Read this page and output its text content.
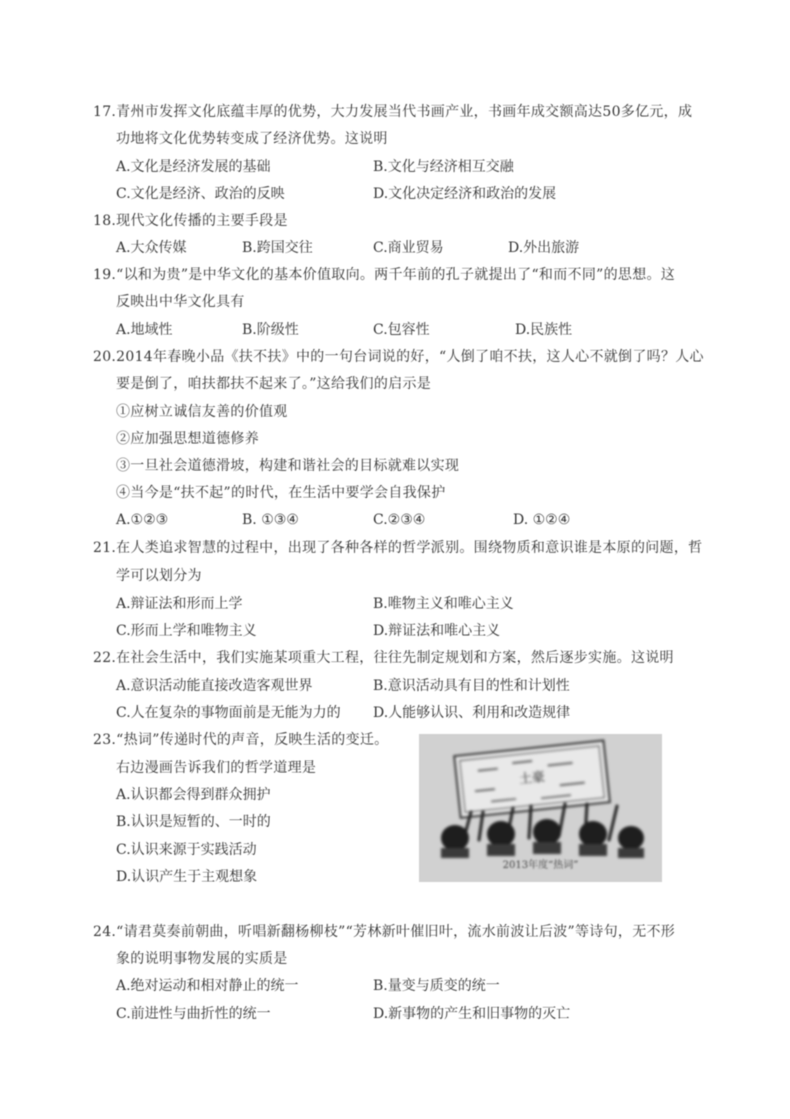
17.青州市发挥文化底蕴丰厚的优势，大力发展当代书画产业，书画年成交额高达50多亿元，成
功地将文化优势转变成了经济优势。这说明
A.文化是经济发展的基础	B.文化与经济相互交融
C.文化是经济、政治的反映	D.文化决定经济和政治的发展
18.现代文化传播的主要手段是
A.大众传媒	B.跨国交往	C.商业贸易	D.外出旅游
19.“以和为贵”是中华文化的基本价值取向。两千年前的孔子就提出了“和而不同”的思想。这
反映出中华文化具有
A.地域性	B.阶级性	C.包容性	D.民族性
20.2014年春晚小品《扶不扶》中的一句台词说的好，“人倒了咱不扶，这人心不就倒了吗？人心
要是倒了，咱扶都扶不起来了。”这给我们的启示是
①应树立诚信友善的价值观
②应加强思想道德修养
③一旦社会道德滑坡，构建和谐社会的目标就难以实现
④当今是“扶不起”的时代，在生活中要学会自我保护
A.①②③	B. ①③④	C.②③④	D. ①②④
21.在人类追求智慧的过程中，出现了各种各样的哲学派别。围绕物质和意识谁是本原的问题，哲
学可以划分为
A.辩证法和形而上学	B.唯物主义和唯心主义
C.形而上学和唯物主义	D.辩证法和唯心主义
22.在社会生活中，我们实施某项重大工程，往往先制定规划和方案，然后逐步实施。这说明
A.意识活动能直接改造客观世界	B.意识活动具有目的性和计划性
C.人在复杂的事物面前是无能为力的 D.人能够认识、利用和改造规律
23.“热词”传递时代的声音，反映生活的变迁。
右边漫画告诉我们的哲学道理是
A.认识都会得到群众拥护
B.认识是短暂的、一时的
C.认识来源于实践活动
D.认识产生于主观想象
土豪
2013年度“热词”
24.“请君莫奏前朝曲，听唱新翻杨柳枝”“芳林新叶催旧叶，流水前波让后波”等诗句，无不形
象的说明事物发展的实质是
A.绝对运动和相对静止的统一	B.量变与质变的统一
C.前进性与曲折性的统一	D.新事物的产生和旧事物的灭亡
